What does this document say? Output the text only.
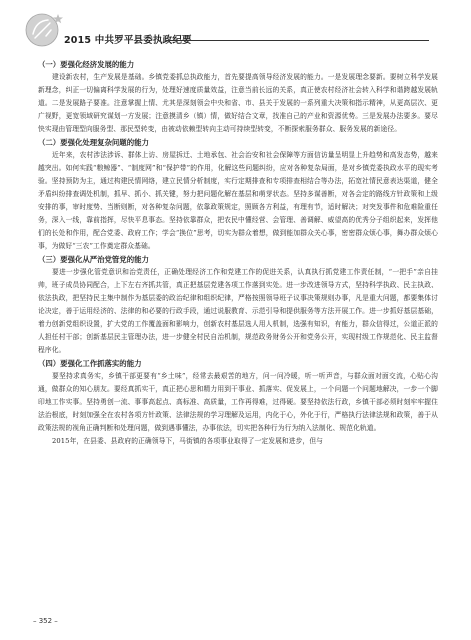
2015 中共罗平县委执政纪要

（一）要强化经济发展的能力

建设新农村，生产发展是基础。乡镇党委抓总执政能力，首先要提高领导经济发展的能力。一是发展理念要新。要树立科学发展新理念，纠正一切偏离科学发展的行为，处理好速度质量效益，注意当前长远的关系，真正使农村经济社会转入科学和谐跨越发展轨道。二是发展路子要准。注意掌握上情、尤其是深刻领会中央和省、市、县关于发展的一系列重大决策和指示精神，从更高层次、更广视野，更宽领域研究谋划一方发展；注意摸清乡（镇）情，做好结合文章，找准自己的产业和资源优势。三是发展办法要多。要尽快实现由管理型向服务型、那民型转变，由被动依赖型转向主动可持续型转变，不断探索服务群众、服务发展的新途径。

（二）要强化处理复杂问题的能力

近年来，农村涉法涉诉、群体上访、房屋拆迁、土地承包、社会治安和社会保障等方面信访量呈明显上升趋势和高发态势，越来越突出。如何实践“粮鲸器”、“制度网”和“保护带”的作用，化解这些问题纠纷，应对各种复杂局面，是对乡镇党委执政水平的现实考验。坚持预防为主，通过构建民情网络，建立民情分析制度，实行定期排查和专项排查相结合等办法，拓宽社情民意表达渠道，健全矛盾纠纷排查调处机制，抓早、抓小、抓关键，努力把问题化解在基层和萌芽状态。坚持多谋善断，对各会定的路线方针政策和上级安排的事，审时度势、当断则断，对各种复杂问题，依靠政策规定，照顾各方利益，有理有节，适时解决；对突发事件和危难险重任务，深入一线，靠前指挥，尽快平息事态。坚持依靠群众，把农民中懂经营、会管理、善调解、威望高的优秀分子组织起来，发挥他们的长处和作用，配合党委、政府工作；学会“换位”思考，切实为群众着想，做到能加群众关心事，密密群众烦心事，舞办群众烦心事，为做好“三农”工作奠定群众基础。

（三）要强化从严治党管党的能力

要进一步强化管党意识和治党责任，正确处理经济工作和党建工作的促进关系，认真执行抓党建工作责任制，“一把手”亲自挂帅，班子成员协同配合，上下左右齐抓共管，真正把基层党建各项工作落到实处。进一步改进领导方式，坚持科学执政、民主执政、依法执政，把坚持民主集中制作为基层委的政治纪律和组织纪律，严格按照领导班子议事决策规则办事，凡是重大问题，都要集体讨论决定，善于运用经济的、法律的和必要的行政手段，通过说服教育、示范引导和提供服务等方法开展工作。进一步抓好基层基础，着力创新党组织设置，扩大党的工作覆盖面和影响力，创新农村基层选人用人机制，选强有知识，有能力，群众信得过，公道正派的人担任村干部；创新基层民主管理办法，进一步健全村民自治机制，规范政务财务公开和党务公开，实现村级工作规范化、民主监督程序化。

（四）要强化工作抓落实的能力

要坚持求真务实，乡镇干部更要有“乡土味”，经常去最艰苦的地方，问一问冷暖，听一听声音，与群众面对面交流，心贴心沟通，做群众的知心朋友。要经真抓实干，真正把心思和精力用到干事业、抓落实、促发展上，一个问题一个问题地解决，一步一个脚印地工作实事。坚持勇创一流、事事高起点、高标准、高质量，工作再得难，过得硬。要坚持依法行政，乡镇干部必须时刻牢牢握住法治根底，时刻加强全在农村各项方针政策、法律法规的学习理解及运用，内化于心，外化于行，严格执行法律法规和政策，善于从政策法规的视角正确判断和处理问题，做到遇事懂法，办事依法，切实把各种行为行为纳入法制化、规范化轨道。

2015年，在县委、县政府的正确领导下，马街镇的各项事业取得了一定发展和进步，但与

– 352 –
